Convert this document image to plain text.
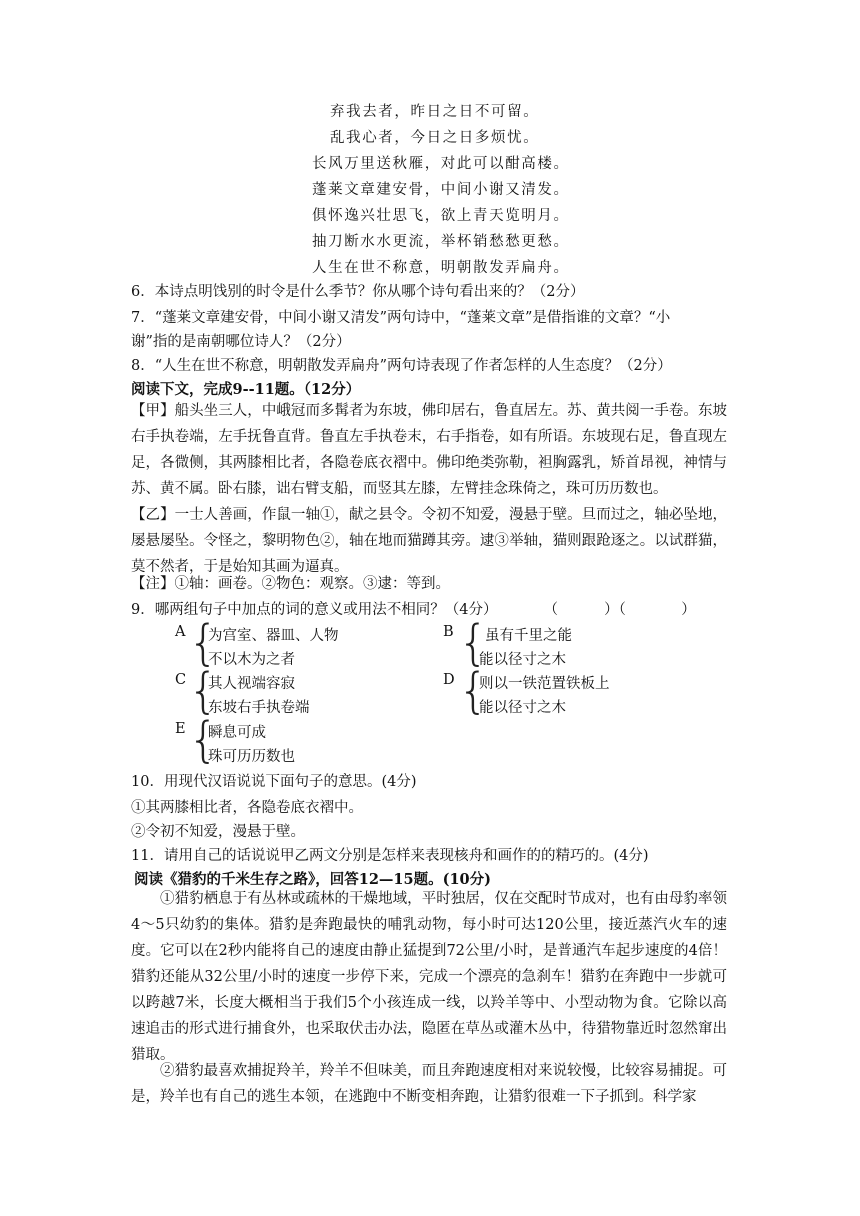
弃我去者，昨日之日不可留。
乱我心者，今日之日多烦忧。
长风万里送秋雁，对此可以酣高楼。
蓬莱文章建安骨，中间小谢又清发。
俱怀逸兴壮思飞，欲上青天览明月。
抽刀断水水更流，举杯销愁愁更愁。
人生在世不称意，明朝散发弄扁舟。
6．本诗点明饯别的时令是什么季节？你从哪个诗句看出来的？（2分）
7．“蓬莱文章建安骨，中间小谢又清发”两句诗中，“蓬莱文章”是借指谁的文章？“小
谢”指的是南朝哪位诗人？（2分）
8．“人生在世不称意，明朝散发弄扁舟”两句诗表现了作者怎样的人生态度？（2分）
阅读下文，完成9--11题。（12分）
【甲】船头坐三人，中峨冠而多髯者为东坡，佛印居右，鲁直居左。苏、黄共阅一手卷。东坡右手执卷端，左手抚鲁直背。鲁直左手执卷末，右手指卷，如有所语。东坡现右足，鲁直现左足，各微侧，其两膝相比者，各隐卷底衣褶中。佛印绝类弥勒，袒胸露乳，矫首昂视，神情与苏、黄不属。卧右膝，诎右臂支船，而竖其左膝，左臂挂念珠倚之，珠可历历数也。
【乙】一士人善画，作鼠一轴①，献之县令。令初不知爱，漫悬于壁。旦而过之，轴必坠地，屡悬屡坠。令怪之，黎明物色②，轴在地而猫蹲其旁。逮③举轴，猫则跟跄逐之。以试群猫，莫不然者，于是始知其画为逼真。
【注】①轴：画卷。②物色：观察。③逮：等到。
9．哪两组句子中加点的词的意义或用法不相同？（4分）          （          ）（            ）
A {
为宫室、器皿、人物
不以木为之者
B {
虽有千里之能
能以径寸之木
C {
其人视端容寂
东坡右手执卷端
D {
则以一铁范置铁板上
能以径寸之木
E {
瞬息可成
珠可历历数也
10．用现代汉语说说下面句子的意思。(4分)
①其两膝相比者，各隐卷底衣褶中。
②令初不知爱，漫悬于壁。
11．请用自己的话说说甲乙两文分别是怎样来表现核舟和画作的的精巧的。(4分)
阅读《猎豹的千米生存之路》，回答12—15题。(10分)
①猎豹栖息于有丛林或疏林的干燥地域，平时独居，仅在交配时节成对，也有由母豹率领4～5只幼豹的集体。猎豹是奔跑最快的哺乳动物，每小时可达120公里，接近蒸汽火车的速度。它可以在2秒内能将自己的速度由静止猛提到72公里/小时，是普通汽车起步速度的4倍！猎豹还能从32公里/小时的速度一步停下来，完成一个漂亮的急刹车！猎豹在奔跑中一步就可以跨越7米，长度大概相当于我们5个小孩连成一线，以羚羊等中、小型动物为食。它除以高速追击的形式进行捕食外，也采取伏击办法，隐匿在草丛或灌木丛中，待猎物靠近时忽然窜出猎取。
②猎豹最喜欢捕捉羚羊，羚羊不但味美，而且奔跑速度相对来说较慢，比较容易捕捉。可是，羚羊也有自己的逃生本领，在逃跑中不断变相奔跑，让猎豹很难一下子抓到。科学家
